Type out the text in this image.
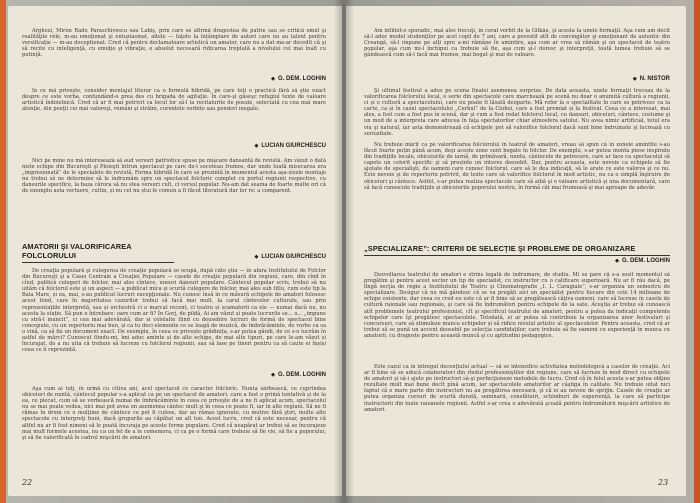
Arghezi, Miron Radu Paraschivescu sau Labiş, prin care se afirmă dragostea de patrie sau se critică omul şi realităţile rele, m-au emoţionat şi entuziasmat, altele — faţete la întâmplare de autori care nu au talent pentru versificaţie — m-au deceptionat. Cred că pentru declamatoare artistică un amator, care nu a dat ma-ar decedit că şi să recite cu inteligenţă, cu emoţie şi vibraţie, e absolut necesară ridicarea treptată a nivelului cel mai înalt cu putinţă.
◆ G. DEM. LOGHIN
În ce mă priveşte, consider montajul literar ca o formulă hibridă, pe care toţi o practică fără să ştie exact despre ce este vorba, confundând-o prea des cu brigada de agitaţie. În care-şi găseşc refugiul texte de valoare artistică îndoielnică. Cred că ar fi mai potrivit ca locul lor să-l ia recitalurile de poezie, selectată cu cea mai mare atenţie, din poeţii cei mai valoroşi, români şi străini, curentele vorbite sau ponderi inegale.
◆ LUCIAN GIURCHESCU
Nici pe mine nu mă interesează să aud versuri patriotice spuse pe mişcare dansantă de revistă. Am văzut o dată niste echipe din Bucureşti şi Ploieşti întrun spectacol pe care de-l socoteau frumos, dar unde toată misecarea era „impresionată” de le specialele de revistă. Forma hibridă în care se prezintă în momentul acesta aşa-zisele montaje nu trebui să ne determine să le îndrumăm spre un spectacol folcloric complet cu portul regiunii respective, cu dansurile specifice, la baza cărora să nu stea versuri cult, ci versul popular. Nu-am dat seama de foarte multe ori că de exemplu asta vertuere, cultin, și nu cel nu ștui le comun a fi făcut literatură dar lor re: a comparent.
AMATORII ŞI VALORIFICAREA FOLCLORULUI	◆ LUCIAN GIURCHESCU
De creaţia populară şi culegerea de creaţie populară se ocupă, după câte ştiu — în afara Institutului de Folclor din Bucureşti şi a Casei Centrale a Creaţiei Populare — casele de creaţie populară din regiuni, care, din cînd în cînd, publică culegeri de folclor, mai ales cîntece, uneori dansuri populare. Cântecul popular scris, trebui să nu uităm că folclorul este şi un aspect — a publicat mica și scurtă culegere de folclor, mai ales sub titlu, cum este tip la Baia Mare, și ea, mai, s-au publicat lucruri excepţionale. Nu cunosc însă in ce măsură echipele de amatori folosesc acest fond, care în majoritatea cazurilor trebui să facă mai mult, la carul cîntecelor culturale, sau prin reprezentaţiile interpretă, sau și orchestră ci o marcat recent, ci teatru și scamatorii ca ele — numai dacă nu, nu acesta la stație. Să pun o întrebare: oare cum ar fi? În Gorj, de pildă, Ai am văzut și poate lucrurile se... o... „impune cu stră-l muncit”, ci cea mai adevărată, dar și celelalte fiind cu deosebire lucruri de formă de spectacol bine concepute, cu un repertoriu mai bun, și ca tu deci elemente ce se leagă de muzică, de îmbrăcăminte, de vorbe ca sa o vină, ca să fie un document exact. De exemplu, în ceea ce privește grădinița, s-ar putea gândi, de ce s-o lucrăm în astfel de mărci? Cunoscut fiindu-mi, îmi aduc aminte și de alte echipe, de mai alte tipuri, pe care le-am văzut și încurajat, de a nu uita că trebuie să lucreze cu folclorul regiunii, sau să lase pe tineri pentru ca să caute ei înșiși ceea ce îi reprezintă.
◆ G. DEM. LOGHIN
Aşa cum ai toţi, în urmă cu citiva ani, acel spectacol ce caracter folcloric. Nunta sârbească, ce cuprindea obiceiuri de nuntă, cântecul popular s-a aplicat ca pe un spectacol de amatori, care a fost o primă tentativă și de la ea, ce plecat, cum să se vorbească numai de îmbrăcăminte în ceea ce priveşte de a ne fi aplicat acum, spectacolul nu se mai poate vedea, nici mai pot avea un asemenea cântec mult şi în ceea ce poate fi, iar în alte regiuni. Să ne fi rămas în drum ce o mulţime de cântece ce pot fi culese, dar au rămas ignorate, cu motive fără ştiri, multe alte spectacole cu interpreţi buni, dacă grupurile au căpătat un alt ton. Acest lucru, cred că este necesar, pentru că altfel nu ar fi fost nimeni să le poată încuraja pe aceste forme populare. Cred că neapărat ar trebui să se încurajeze mai mult formele acestea, nu ca un fel de a le comemora, ci ca pe o formă care trebuie să fie vie, să fie a poporului, şi să fie valorificată în cadrul mişcării de amatori.
22
Am întîlnit-o sporadic, mai ales trecuţi, în coral vorbit de la Gilkău, şi acesta la unele formaţii. Aşa cum am decît să-l adoc model studenţilor pe acel copil de 7 ani, care a povestit atît de convingător şi emoţionant de autentic din Creangă, să-l impune pe alţi spre a-mi rămâne în amintire, aşa cum ar vrea să rămân şi un spectacol de teatru popular, aşa cum mi-l închipui ca trebuie să fie, aşa cum şi-l doresc şi interpreţii, toată lumea trebuie să se gândească cum să-l facă mai frumos, mai bogat şi mai de valoare.
◆ N. NISTOR
Şi ultimul festival a adus pe scena finalei asemenea surprize. De data aceasta, unele formaţii treceau de la valorificarea folclorului local, o serie din spectacole care marchează pe scenă nu doar o anumită cultură a regiunii, ci și o cultură a spectacolului, care nu poate fi lăsată deoparte. Mă refer la o specialitate în care se potrivesc ca la carte, ca și în cazul spectacolului „Cerbul” de la Ciuhoi, care a fost premiat și la festival. Ceea ce a interesat, mai ales, a fost cum a fost pus în scenă, dar şi cum a fost redat folclorul local, cu dansuri, obiceiuri, cântece, costume şi un mod de a interpreta care aducea în faţa spectatorilor chiar atmosfera satului. Nu avea nimic artificial, totul era viu şi natural, iar asta demonstrează că echipele pot să valorifice folclorul dacă sunt bine îndrumate şi lucrează cu seriozitate.
Nu trebuie mărit ca pe valorificarea folclorului în teatrul de amatori, vreau să spun că în zonele amintite s-au făcut foarte puțin până acum, deşi aceste zone sunt bogate în folclor. De exemplu, s-ar putea monta piese inspirate din tradiţiile locale, obiceiurile de iarnă, de primăvară, nunta, cântecele de petrecere, care ar face ca spectacolul să capete un colorit specific şi să prezinte un interes deosebit. Dar, pentru aceasta, este nevoie ca echipele să fie ajutate de specialişti, de oameni care cunosc folclorul, care să le dea indicaţii, să le arate ce este valoros şi ce nu. Este nevoie şi de repertoriu potrivit, de texte care să valorifice folclorul în mod artistic, nu ca o simplă înşiruire de obiceiuri şi cântece. Astfel, s-ar putea realiza spectacole care să aibă şi o valoare artistică şi una documentară, care să facă cunoscute tradiţiile şi obiceiurile poporului nostru, în formă cât mai frumoasă şi mai aproape de adevăr.
„SPECIALIZARE”: CRITERII DE SELECŢIE ŞI PROBLEME DE ORGANIZARE
◆ G. DEM. LOGHIN
Dezvoltarea teatrului de amatori e strîns legată de îndrumare, de studiu. Mi se pare că s-a sosit momentul să pregătim şi pentru acest sector un tip de specialist, cu instructor cu o calificare superioară. Nu ar fi rău dacă, pe lîngă secţia de regie a Institutului de Teatru şi Cinematografie „I. L. Caragiale”, s-ar organiza un semestru de specializare. Desigur că nu mă gândesc că se va pregăti aici un specialist pentru fiecare din cele 14 milioane de echipe existente, dar ceea ce cred eu este că ar fi bine să se pregătească câţiva oameni, care să lucreze în casele de cultură raionale sau regionale, şi care să fie îndrumători pentru echipele de la sate. Aceştia ar trebui să cunoască atît problemele teatrului profesionist, cît şi specificul teatrului de amatori, pentru a putea da indicaţii competente echipelor care îşi pregătesc spectacolele. Totodată, ei ar putea să contribuie la organizarea unor festivaluri şi concursuri, care să stimuleze munca echipelor şi să ridice nivelul artistic al spectacolelor. Pentru aceasta, cred că ar trebui să se pună un accent deosebit pe selecţia candidaţilor, care trebuie să fie oameni cu experienţă în munca cu amatorii, cu dragoste pentru această muncă şi cu aptitudini pedagogice.
Este cazul ca în întregul decenţiului actual — să se intensifice activitatea metodologică a caselor de creaţie. Aci ar fi bine să se aducă colaboratori din rîndul profesioniştilor din regiune, care să lucreze în mod direct cu echipele de amatori şi să-i ajute pe instructori să-şi perfecţioneze metodele de lucru. Cred că în felul acesta s-ar putea obţine rezultate mult mai bune decît pînă acum, iar spectacolele amatorilor ar câştiga în calitate. Nu trebuie uitat nici faptul că o mare parte din instructori nu au pregătirea necesară, şi că ei au nevoie de sprijin. Casele de creaţie ar putea organiza cursuri de scurtă durată, seminarii, consfătuiri, schimburi de experienţă, la care să participe instructorii din toate raioanele regiunii. Astfel s-ar crea o adevărată şcoală pentru îndrumătorii mişcării artistice de amatori.
23
